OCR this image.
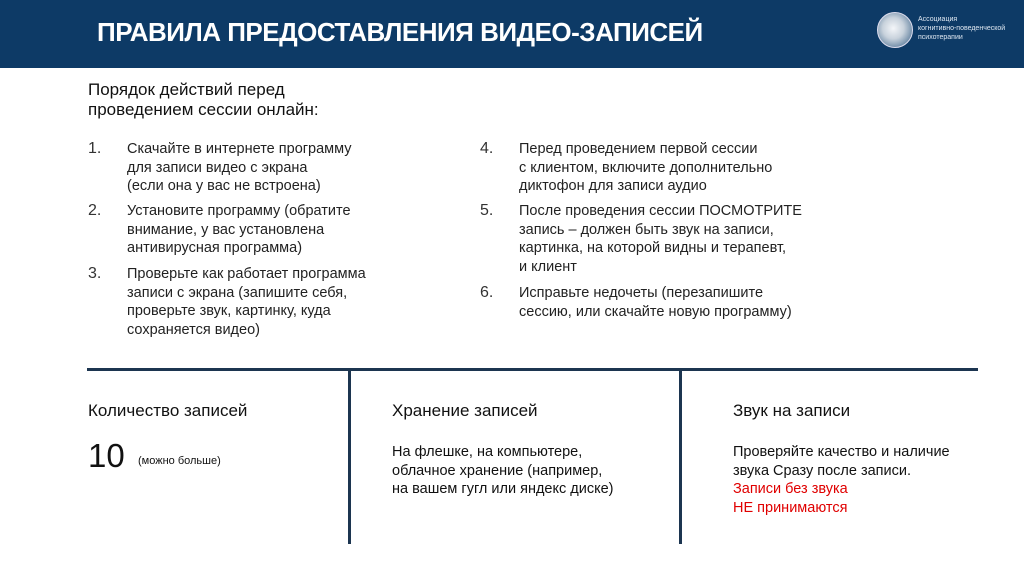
ПРАВИЛА ПРЕДОСТАВЛЕНИЯ ВИДЕО-ЗАПИСЕЙ	Ассоциация
когнитивно-поведенческой
психотерапии
Порядок действий перед
проведением сессии онлайн:
1. Скачайте в интернете программу
для записи видео с экрана
(если она у вас не встроена)
2. Установите программу (обратите
внимание, у вас установлена
антивирусная программа)
3. Проверьте как работает программа
записи с экрана (запишите себя,
проверьте звук, картинку, куда
сохраняется видео)
4. Перед проведением первой сессии
с клиентом, включите дополнительно
диктофон для записи аудио
5. После проведения сессии ПОСМОТРИТЕ
запись – должен быть звук на записи,
картинка, на которой видны и терапевт,
и клиент
6. Исправьте недочеты (перезапишите
сессию, или скачайте новую программу)
Количество записей
10 (можно больше)
Хранение записей
На флешке, на компьютере,
облачное хранение (например,
на вашем гугл или яндекс диске)
Звук на записи
Проверяйте качество и наличие
звука Сразу после записи.
Записи без звука
НЕ принимаются
